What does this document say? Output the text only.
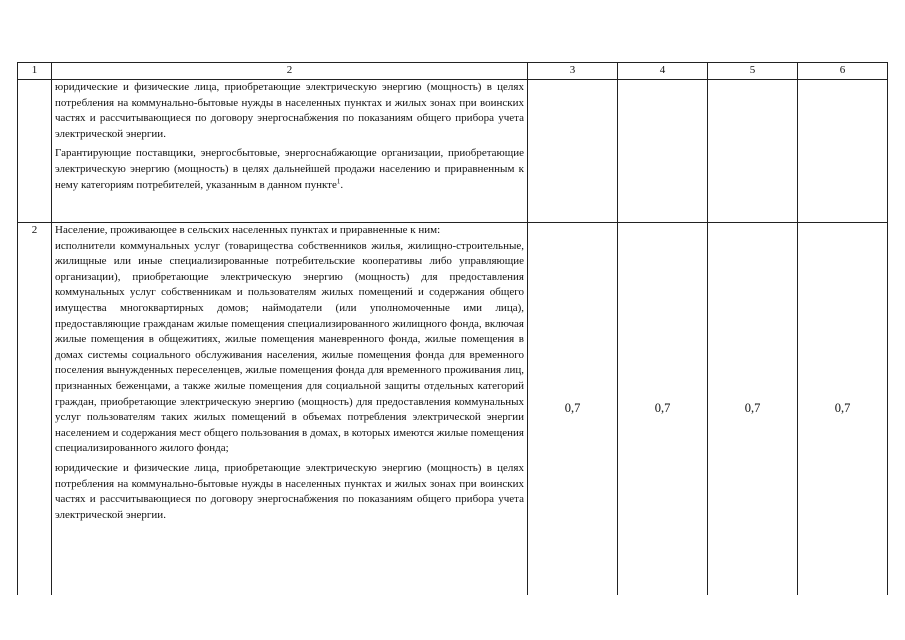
1	2	3	4	5	6

	юридические и физические лица, приобретающие электрическую энергию (мощность) в целях потребления на коммунально-бытовые нужды в населенных пунктах и жилых зонах при воинских частях и рассчитывающиеся по договору энергоснабжения по показаниям общего прибора учета электрической энергии.
Гарантирующие поставщики, энергосбытовые, энергоснабжающие организации, приобретающие электрическую энергию (мощность) в целях дальнейшей продажи населению и приравненным к нему категориям потребителей, указанным в данном пункте$^1$.				

2	Население, проживающее в сельских населенных пунктах и приравненные к ним:
исполнители коммунальных услуг (товарищества собственников жилья, жилищно-строительные, жилищные или иные специализированные потребительские кооперативы либо управляющие организации), приобретающие электрическую энергию (мощность) для предоставления коммунальных услуг собственникам и пользователям жилых помещений и содержания общего имущества многоквартирных домов; наймодатели (или уполномоченные ими лица), предоставляющие гражданам жилые помещения специализированного жилищного фонда, включая жилые помещения в общежитиях, жилые помещения маневренного фонда, жилые помещения в домах системы социального обслуживания населения, жилые помещения фонда для временного поселения вынужденных переселенцев, жилые помещения фонда для временного проживания лиц, признанных беженцами, а также жилые помещения для социальной защиты отдельных категорий граждан, приобретающие электрическую энергию (мощность) для предоставления коммунальных услуг пользователям таких жилых помещений в объемах потребления электрической энергии населением и содержания мест общего пользования в домах, в которых имеются жилые помещения специализированного жилого фонда;
юридические и физические лица, приобретающие электрическую энергию (мощность) в целях потребления на коммунально-бытовые нужды в населенных пунктах и жилых зонах при воинских частях и рассчитывающиеся по договору энергоснабжения по показаниям общего прибора учета электрической энергии.	0,7	0,7	0,7	0,7
